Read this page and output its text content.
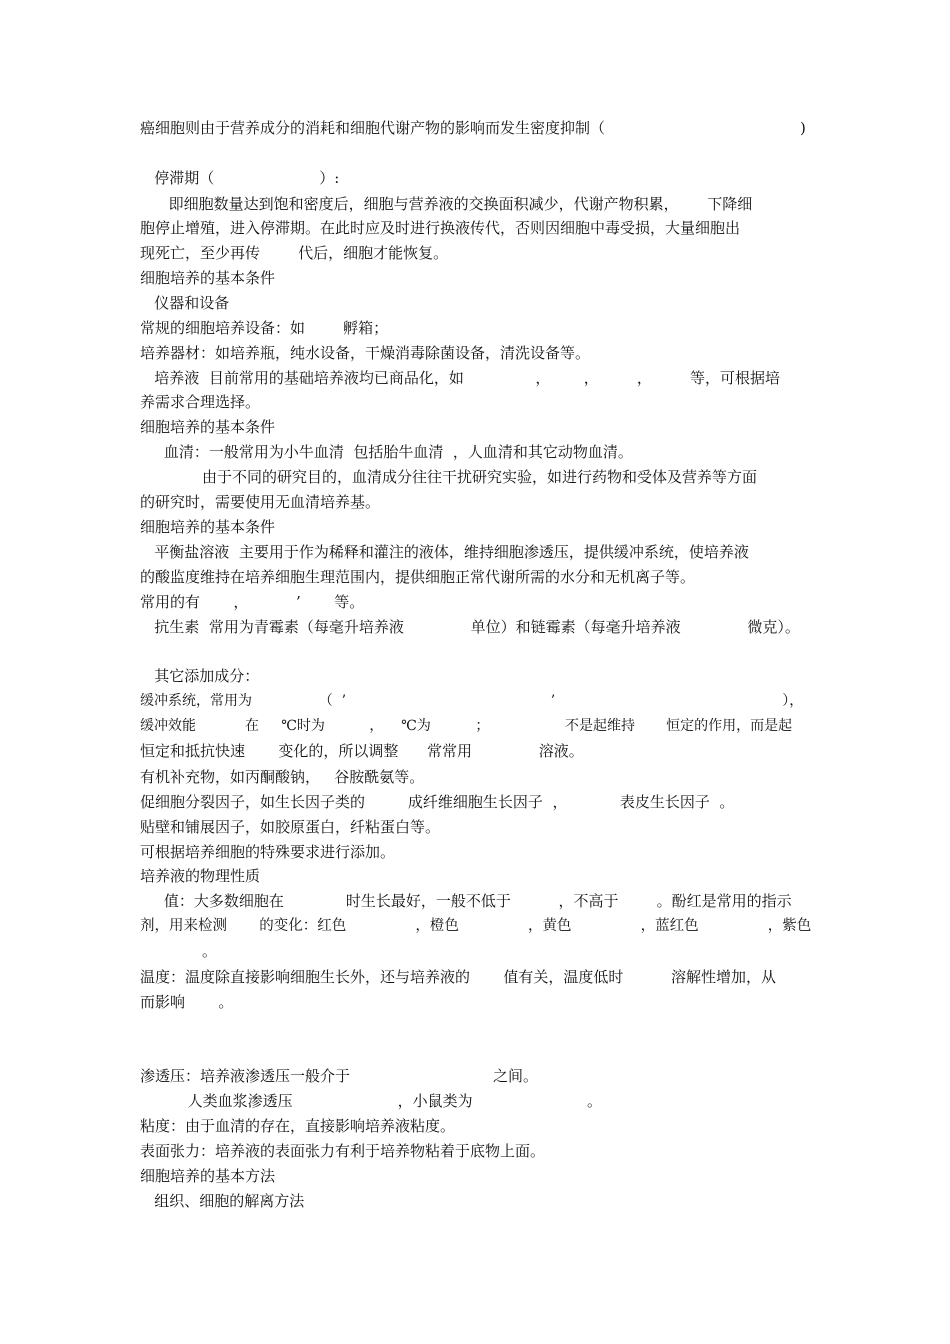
癌细胞则由于营养成分的消耗和细胞代谢产物的影响而发生密度抑制（	)
停滞期（                      ）:
即细胞数量达到饱和密度后，细胞与营养液的交换面积减少，代谢产物积累，      下降细
胞停止增殖，进入停滞期。在此时应及时进行换液传代，否则因细胞中毒受损，大量细胞出
现死亡，至少再传        代后，细胞才能恢复。
细胞培养的基本条件
仪器和设备
常规的细胞培养设备：如        孵箱；
培养器材：如培养瓶，纯水设备，干燥消毒除菌设备，清洗设备等。
培养液  目前常用的基础培养液均已商品化，如               ，       ，        ，        等，可根据培
养需求合理选择。
细胞培养的基本条件
血清：一般常用为小牛血清  包括胎牛血清  ，人血清和其它动物血清。
由于不同的研究目的，血清成分往往干扰研究实验，如进行药物和受体及营养等方面
的研究时，需要使用无血清培养基。
细胞培养的基本条件
平衡盐溶液  主要用于作为稀释和灌注的液体，维持细胞渗透压，提供缓冲系统，使培养液
的酸监度维持在培养细胞生理范围内，提供细胞正常代谢所需的水分和无机离子等。
常用的有       ，          ’       等。
抗生素  常用为青霉素（每毫升培养液              单位）和链霉素（每毫升培养液              微克）。
其它添加成分：
缓冲系统，常用为               （  ’                                              ’                                                   ），
缓冲效能           在     ℃时为          ，    ℃为          ；                 不是起维持       恒定的作用，而是起
恒定和抵抗快速       变化的，所以调整      常常用              溶液。
有机补充物，如丙酮酸钠，   谷胺酰氨等。
促细胞分裂因子，如生长因子类的         成纤维细胞生长因子  ，           表皮生长因子  。
贴壁和铺展因子，如胶原蛋白，纤粘蛋白等。
可根据培养细胞的特殊要求进行添加。
培养液的物理性质
值：大多数细胞在             时生长最好，一般不低于          ，不高于        。酚红是常用的指示
剂，用来检测       的变化：红色               ，橙色               ，黄色               ，蓝红色               ，紫色
。
温度：温度除直接影响细胞生长外，还与培养液的       值有关，温度低时          溶解性增加，从
而影响       。
渗透压：培养液渗透压一般介于                              之间。
人类血浆渗透压                      ，小鼠类为                        。
粘度：由于血清的存在，直接影响培养液粘度。
表面张力：培养液的表面张力有利于培养物粘着于底物上面。
细胞培养的基本方法
组织、细胞的解离方法
